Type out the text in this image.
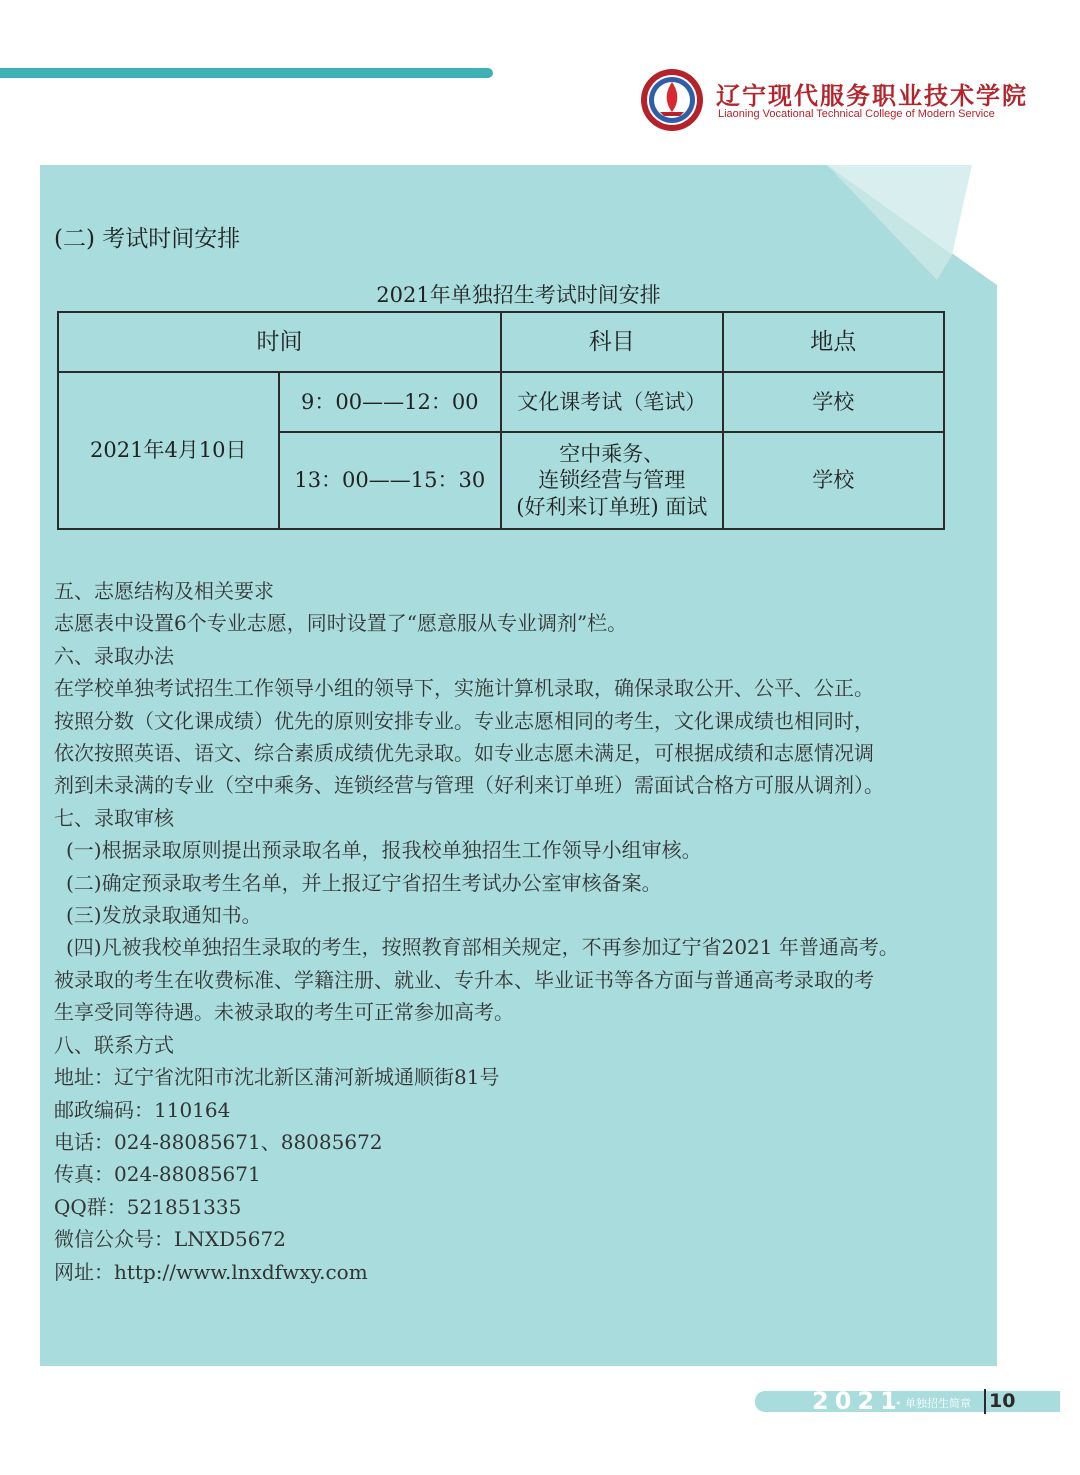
辽宁现代服务职业技术学院
Liaoning Vocational Technical College of Modern Service
(二) 考试时间安排
2021年单独招生考试时间安排
时间		科目	地点
2021年4月10日	9：00——12：00	文化课考试（笔试）	学校
	13：00——15：30	空中乘务、
连锁经营与管理
(好利来订单班) 面试	学校
五、志愿结构及相关要求
志愿表中设置6个专业志愿，同时设置了“愿意服从专业调剂”栏。
六、录取办法
在学校单独考试招生工作领导小组的领导下，实施计算机录取，确保录取公开、公平、公正。
按照分数（文化课成绩）优先的原则安排专业。专业志愿相同的考生，文化课成绩也相同时，
依次按照英语、语文、综合素质成绩优先录取。如专业志愿未满足，可根据成绩和志愿情况调
剂到未录满的专业（空中乘务、连锁经营与管理（好利来订单班）需面试合格方可服从调剂）。
七、录取审核
(一)根据录取原则提出预录取名单，报我校单独招生工作领导小组审核。
(二)确定预录取考生名单，并上报辽宁省招生考试办公室审核备案。
(三)发放录取通知书。
(四)凡被我校单独招生录取的考生，按照教育部相关规定，不再参加辽宁省2021 年普通高考。
被录取的考生在收费标准、学籍注册、就业、专升本、毕业证书等各方面与普通高考录取的考
生享受同等待遇。未被录取的考生可正常参加高考。
八、联系方式
地址：辽宁省沈阳市沈北新区蒲河新城通顺街81号
邮政编码：110164
电话：024-88085671、88085672
传真：024-88085671
QQ群：521851335
微信公众号：LNXD5672
网址：http://www.lnxdfwxy.com
2021
• 单独招生简章 10
